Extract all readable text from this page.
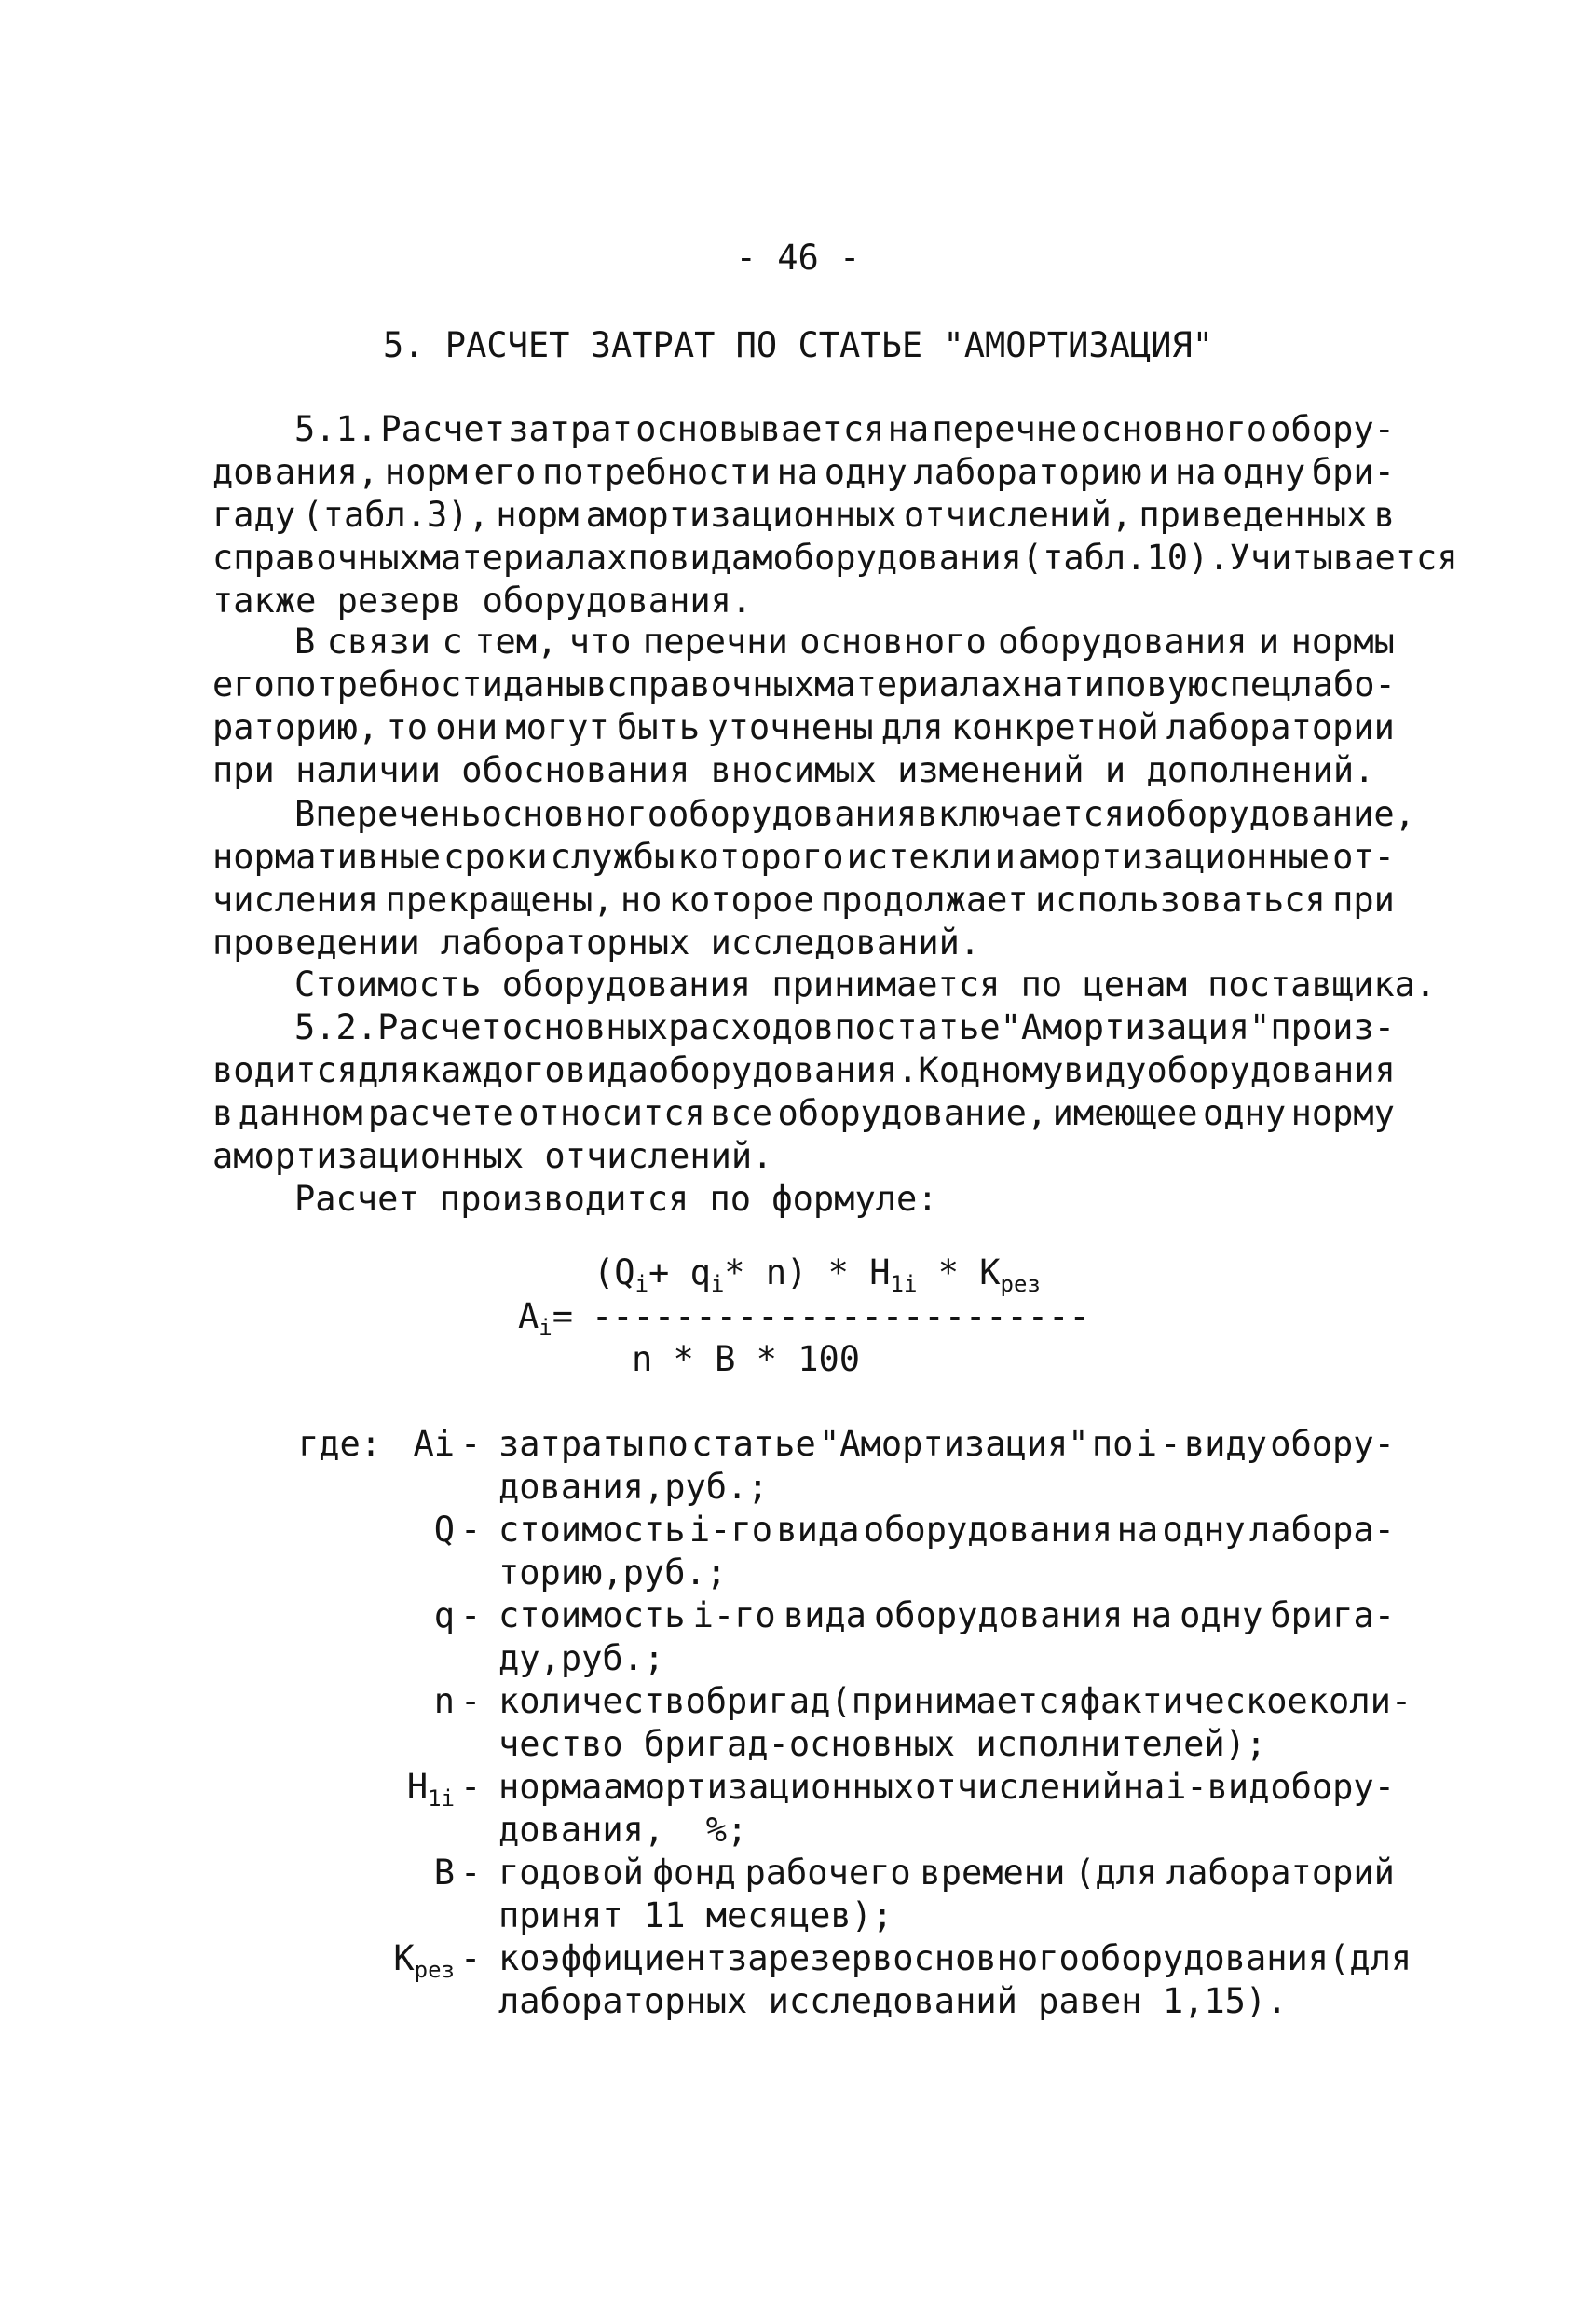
- 46 -
5. РАСЧЕТ ЗАТРАТ ПО СТАТЬЕ "АМОРТИЗАЦИЯ"
5.1. Расчет затрат основывается на перечне основного обору-
дования, норм его потребности на одну лабораторию и на одну бри-
гаду (табл.3), норм амортизационных отчислений, приведенных в
справочных материалах по видам оборудования (табл.10).Учитывается
также резерв оборудования.
В связи с тем, что перечни основного оборудования и нормы
его потребности даны в справочных материалах на типовую спецлабо-
раторию, то они могут быть уточнены для конкретной лаборатории
при наличии обоснования вносимых изменений и дополнений.
В перечень основного оборудования включается и оборудование,
нормативные сроки службы которого истекли и амортизационные от-
числения прекращены, но которое продолжает использоваться при
проведении лабораторных исследований.
Стоимость оборудования принимается по ценам поставщика.
5.2. Расчет основных расходов по статье "Амортизация" произ-
водится для каждого вида оборудования. К одному виду оборудования
в данном расчете относится все оборудование, имеющее одну норму
амортизационных отчислений.
Расчет производится по формуле:
($Q_i+ q_i*$ $n) * H_{1i} * K_{рез}$
$A_i=$ ------------------------
n * B * 100
где: Ai - затраты по статье "Амортизация" по i - виду обору-
дования,руб.;
Q - стоимость i-го вида оборудования на одну лабора-
торию,руб.;
q - стоимость i-го вида оборудования на одну брига-
ду,руб.;
n - количество бригад (принимается фактическое коли-
чество бригад-основных исполнителей);
$H_{1i}$ - норма амортизационных отчислений на i-вид обору-
дования,  %;
B - годовой фонд рабочего времени (для лабораторий
принят 11 месяцев);
$K_{рез}$ - коэффициент за резерв основного оборудования (для
лабораторных исследований равен 1,15).
